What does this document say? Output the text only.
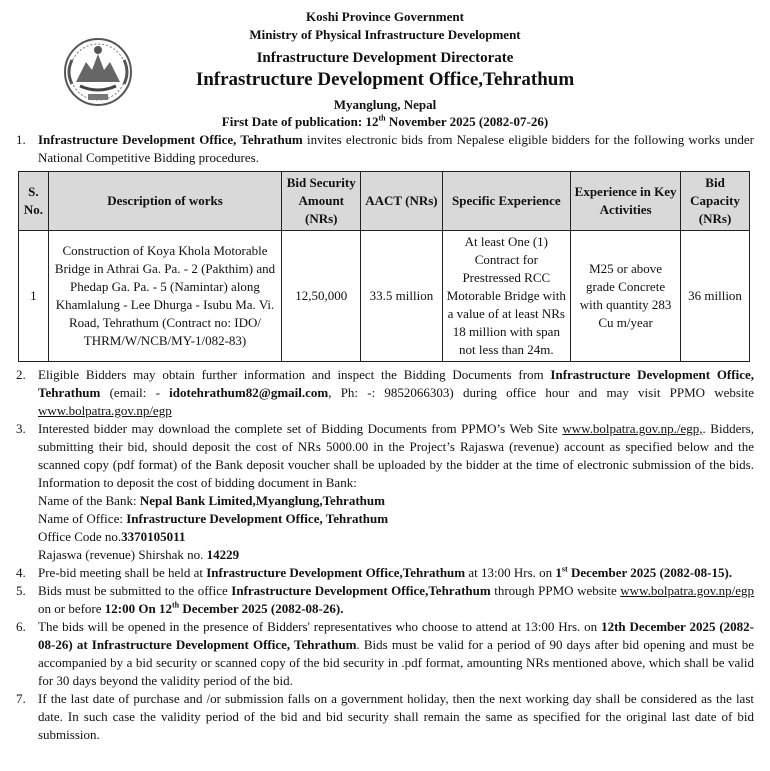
Koshi Province Government
Ministry of Physical Infrastructure Development
Infrastructure Development Directorate
Infrastructure Development Office,Tehrathum
Myanglung, Nepal
First Date of publication: 12th November 2025 (2082-07-26)
1. Infrastructure Development Office, Tehrathum invites electronic bids from Nepalese eligible bidders for the following works under National Competitive Bidding procedures.
S. No.	Description of works	Bid Security Amount (NRs)	AACT (NRs)	Specific Experience	Experience in Key Activities	Bid Capacity (NRs)
1	Construction of Koya Khola Motorable Bridge in Athrai Ga. Pa. - 2 (Pakthim) and Phedap Ga. Pa. - 5 (Namintar) along Khamlalung - Lee Dhurga - Isubu Ma. Vi. Road, Tehrathum (Contract no: IDO/ THRM/W/NCB/MY-1/082-83)	12,50,000	33.5 million	At least One (1) Contract for Prestressed RCC Motorable Bridge with a value of at least NRs 18 million with span not less than 24m.	M25 or above grade Concrete with quantity 283 Cu m/year	36 million
2. Eligible Bidders may obtain further information and inspect the Bidding Documents from Infrastructure Development Office, Tehrathum (email: - idotehrathum82@gmail.com, Ph: -: 9852066303) during office hour and may visit PPMO website www.bolpatra.gov.np/egp
3. Interested bidder may download the complete set of Bidding Documents from PPMO’s Web Site www.bolpatra.gov.np./egp,. Bidders, submitting their bid, should deposit the cost of NRs 5000.00 in the Project’s Rajaswa (revenue) account as specified below and the scanned copy (pdf format) of the Bank deposit voucher shall be uploaded by the bidder at the time of electronic submission of the bids. Information to deposit the cost of bidding document in Bank:
Name of the Bank: Nepal Bank Limited,Myanglung,Tehrathum
Name of Office: Infrastructure Development Office, Tehrathum
Office Code no.3370105011
Rajaswa (revenue) Shirshak no. 14229
4. Pre-bid meeting shall be held at Infrastructure Development Office,Tehrathum at 13:00 Hrs. on 1st December 2025 (2082-08-15).
5. Bids must be submitted to the office Infrastructure Development Office,Tehrathum through PPMO website www.bolpatra.gov.np/egp on or before 12:00 On 12th December 2025 (2082-08-26).
6. The bids will be opened in the presence of Bidders' representatives who choose to attend at 13:00 Hrs. on 12th December 2025 (2082-08-26) at Infrastructure Development Office, Tehrathum. Bids must be valid for a period of 90 days after bid opening and must be accompanied by a bid security or scanned copy of the bid security in .pdf format, amounting NRs mentioned above, which shall be valid for 30 days beyond the validity period of the bid.
7. If the last date of purchase and /or submission falls on a government holiday, then the next working day shall be considered as the last date. In such case the validity period of the bid and bid security shall remain the same as specified for the original last date of bid submission.
